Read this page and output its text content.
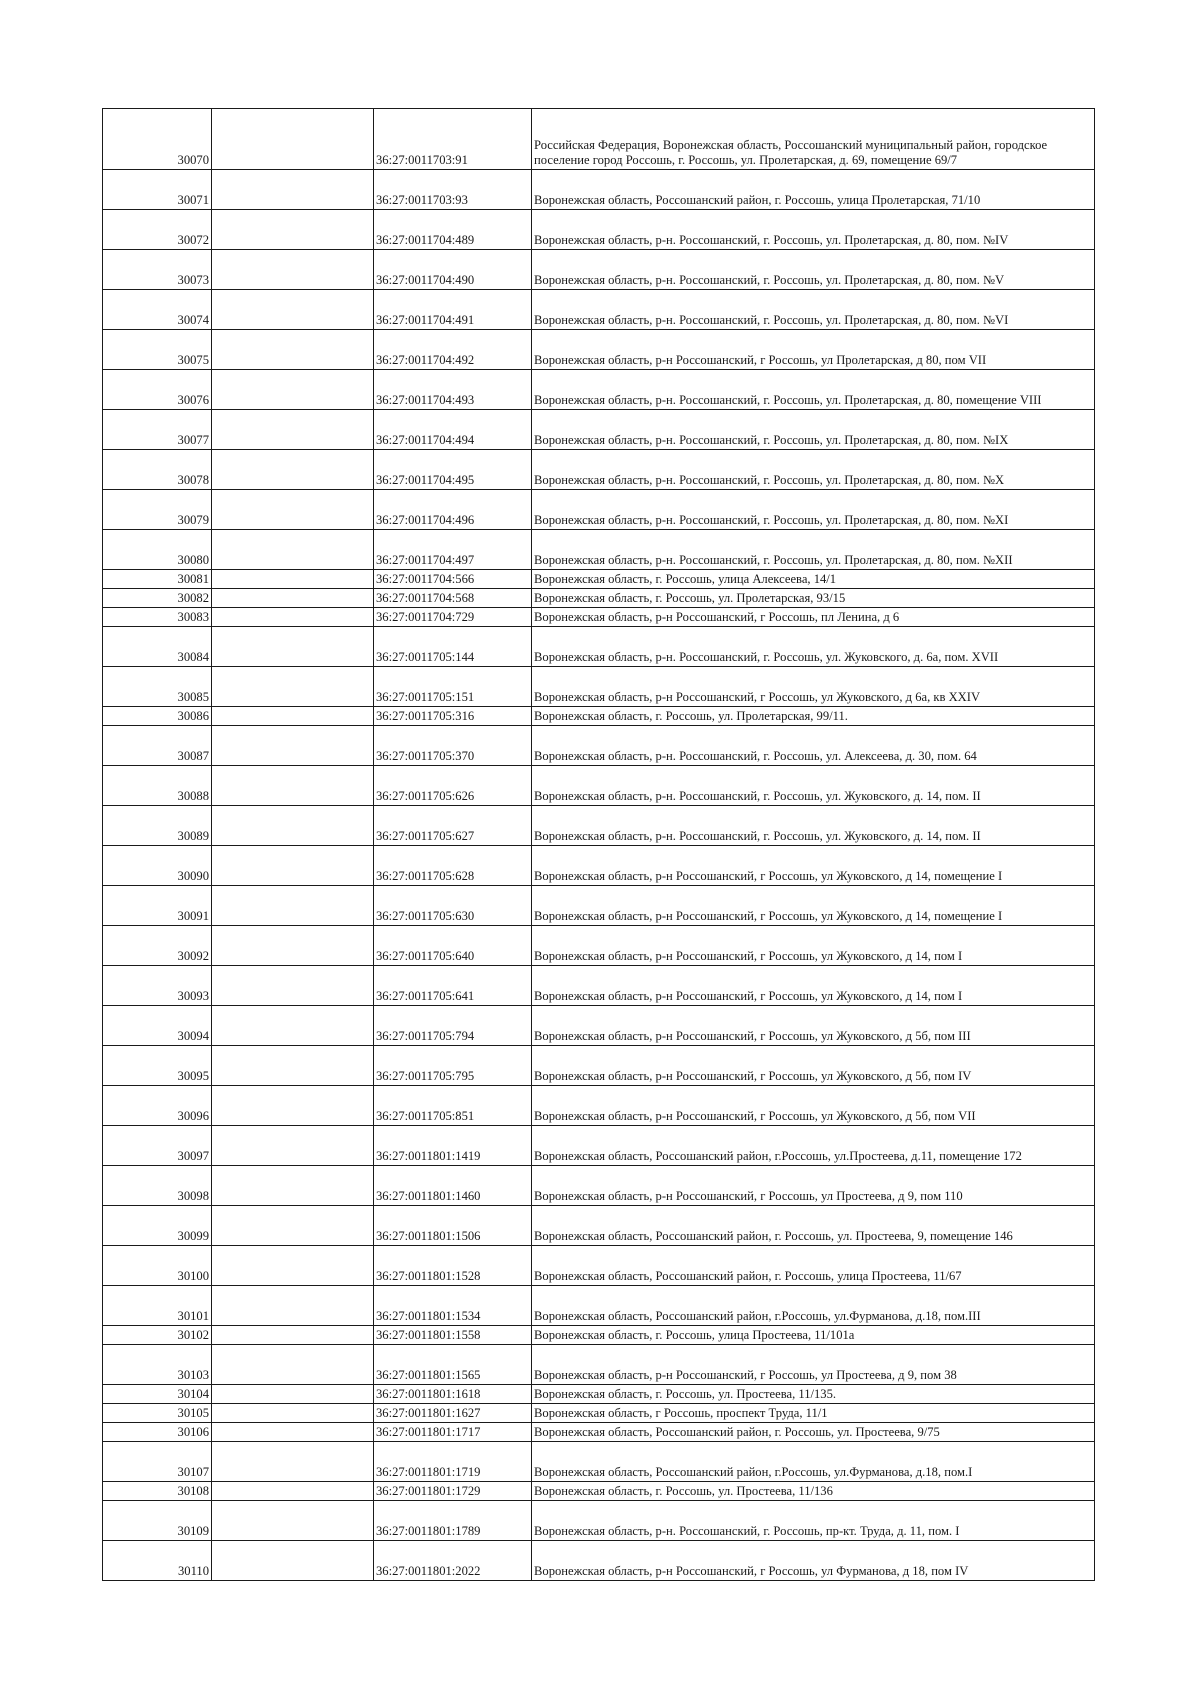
30070		36:27:0011703:91	Российская Федерация, Воронежская область, Россошанский муниципальный район, городское поселение город Россошь, г. Россошь, ул. Пролетарская, д. 69, помещение 69/7
30071		36:27:0011703:93	Воронежская область, Россошанский район, г. Россошь, улица Пролетарская, 71/10
30072		36:27:0011704:489	Воронежская область, р-н. Россошанский, г. Россошь, ул. Пролетарская, д. 80, пом. №IV
30073		36:27:0011704:490	Воронежская область, р-н. Россошанский, г. Россошь, ул. Пролетарская, д. 80, пом. №V
30074		36:27:0011704:491	Воронежская область, р-н. Россошанский, г. Россошь, ул. Пролетарская, д. 80, пом. №VI
30075		36:27:0011704:492	Воронежская область, р-н Россошанский, г Россошь, ул Пролетарская, д 80, пом VII
30076		36:27:0011704:493	Воронежская область, р-н. Россошанский, г. Россошь, ул. Пролетарская, д. 80, помещение VIII
30077		36:27:0011704:494	Воронежская область, р-н. Россошанский, г. Россошь, ул. Пролетарская, д. 80, пом. №IX
30078		36:27:0011704:495	Воронежская область, р-н. Россошанский, г. Россошь, ул. Пролетарская, д. 80, пом. №X
30079		36:27:0011704:496	Воронежская область, р-н. Россошанский, г. Россошь, ул. Пролетарская, д. 80, пом. №XI
30080		36:27:0011704:497	Воронежская область, р-н. Россошанский, г. Россошь, ул. Пролетарская, д. 80, пом. №XII
30081		36:27:0011704:566	Воронежская область, г. Россошь, улица Алексеева, 14/1
30082		36:27:0011704:568	Воронежская область, г. Россошь, ул. Пролетарская, 93/15
30083		36:27:0011704:729	Воронежская область, р-н Россошанский, г Россошь, пл Ленина, д 6
30084		36:27:0011705:144	Воронежская область, р-н. Россошанский, г. Россошь, ул. Жуковского, д. 6а, пом. XVII
30085		36:27:0011705:151	Воронежская область, р-н Россошанский, г Россошь, ул Жуковского, д 6а, кв XXIV
30086		36:27:0011705:316	Воронежская область, г. Россошь, ул. Пролетарская, 99/11.
30087		36:27:0011705:370	Воронежская область, р-н. Россошанский, г. Россошь, ул. Алексеева, д. 30, пом. 64
30088		36:27:0011705:626	Воронежская область, р-н. Россошанский, г. Россошь, ул. Жуковского, д. 14, пом. II
30089		36:27:0011705:627	Воронежская область, р-н. Россошанский, г. Россошь, ул. Жуковского, д. 14, пом. II
30090		36:27:0011705:628	Воронежская область, р-н Россошанский, г Россошь, ул Жуковского, д 14, помещение I
30091		36:27:0011705:630	Воронежская область, р-н Россошанский, г Россошь, ул Жуковского, д 14, помещение I
30092		36:27:0011705:640	Воронежская область, р-н Россошанский, г Россошь, ул Жуковского, д 14, пом I
30093		36:27:0011705:641	Воронежская область, р-н Россошанский, г Россошь, ул Жуковского, д 14, пом I
30094		36:27:0011705:794	Воронежская область, р-н Россошанский, г Россошь, ул Жуковского, д 5б, пом III
30095		36:27:0011705:795	Воронежская область, р-н Россошанский, г Россошь, ул Жуковского, д 5б, пом IV
30096		36:27:0011705:851	Воронежская область, р-н Россошанский, г Россошь, ул Жуковского, д 5б, пом VII
30097		36:27:0011801:1419	Воронежская область, Россошанский район, г.Россошь, ул.Простеева, д.11, помещение 172
30098		36:27:0011801:1460	Воронежская область, р-н Россошанский, г Россошь, ул Простеева, д 9, пом 110
30099		36:27:0011801:1506	Воронежская область, Россошанский район, г. Россошь, ул. Простеева, 9, помещение 146
30100		36:27:0011801:1528	Воронежская область, Россошанский район, г. Россошь, улица Простеева, 11/67
30101		36:27:0011801:1534	Воронежская область, Россошанский район, г.Россошь, ул.Фурманова, д.18, пом.III
30102		36:27:0011801:1558	Воронежская область, г. Россошь, улица Простеева, 11/101а
30103		36:27:0011801:1565	Воронежская область, р-н Россошанский, г Россошь, ул Простеева, д 9, пом 38
30104		36:27:0011801:1618	Воронежская область, г. Россошь, ул. Простеева, 11/135.
30105		36:27:0011801:1627	Воронежская область, г Россошь, проспект Труда, 11/1
30106		36:27:0011801:1717	Воронежская область, Россошанский район, г. Россошь, ул. Простеева, 9/75
30107		36:27:0011801:1719	Воронежская область, Россошанский район, г.Россошь, ул.Фурманова, д.18, пом.I
30108		36:27:0011801:1729	Воронежская область, г. Россошь, ул. Простеева, 11/136
30109		36:27:0011801:1789	Воронежская область, р-н. Россошанский, г. Россошь, пр-кт. Труда, д. 11, пом. I
30110		36:27:0011801:2022	Воронежская область, р-н Россошанский, г Россошь, ул Фурманова, д 18, пом IV
